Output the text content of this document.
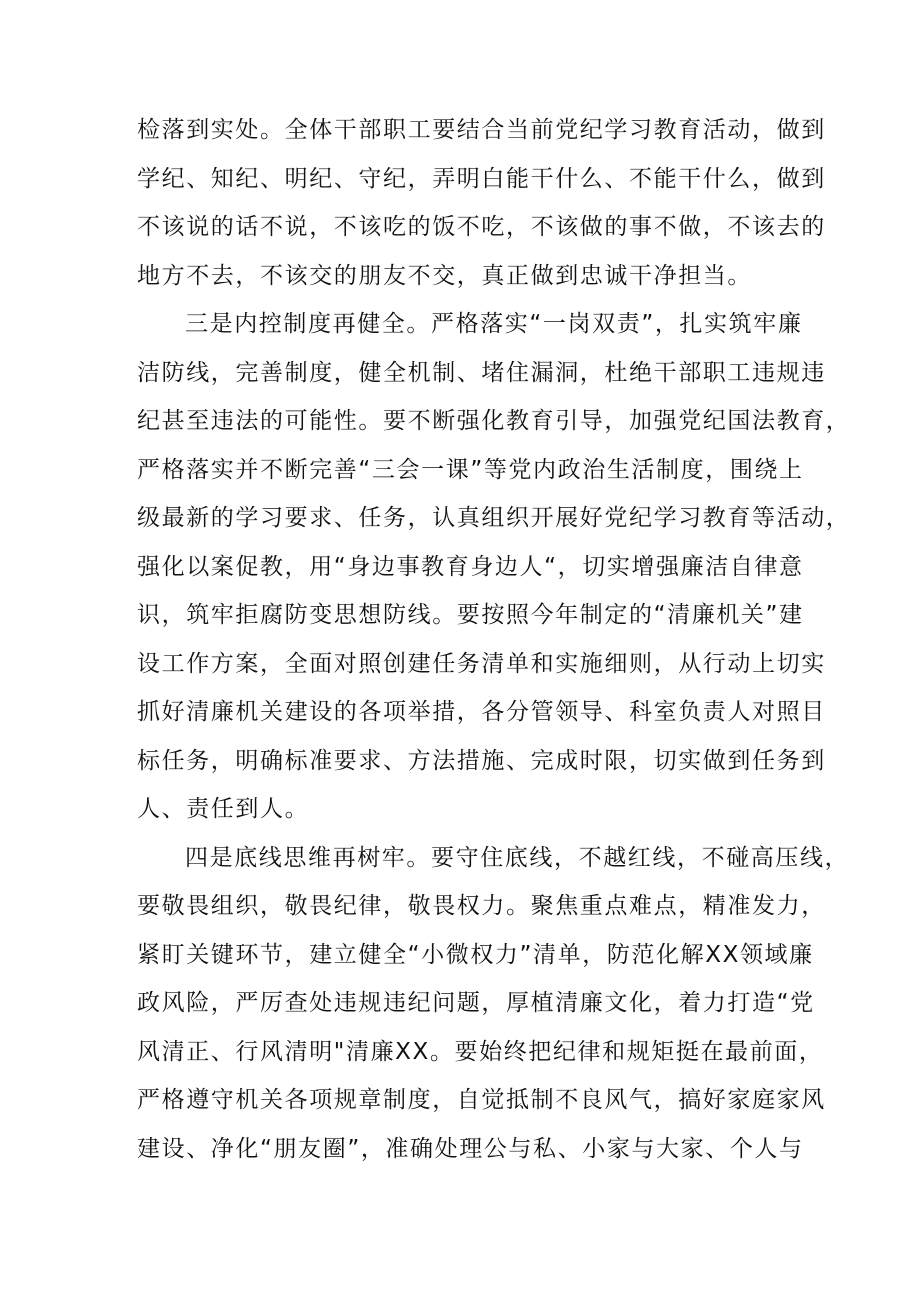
检落到实处。全体干部职工要结合当前党纪学习教育活动，做到
学纪、知纪、明纪、守纪，弄明白能干什么、不能干什么，做到
不该说的话不说，不该吃的饭不吃，不该做的事不做，不该去的
地方不去，不该交的朋友不交，真正做到忠诚干净担当。
三是内控制度再健全。严格落实“一岗双责”，扎实筑牢廉
洁防线，完善制度，健全机制、堵住漏洞，杜绝干部职工违规违
纪甚至违法的可能性。要不断强化教育引导，加强党纪国法教育，
严格落实并不断完善“三会一课”等党内政治生活制度，围绕上
级最新的学习要求、任务，认真组织开展好党纪学习教育等活动，
强化以案促教，用“身边事教育身边人“，切实增强廉洁自律意
识，筑牢拒腐防变思想防线。要按照今年制定的“清廉机关”建
设工作方案，全面对照创建任务清单和实施细则，从行动上切实
抓好清廉机关建设的各项举措，各分管领导、科室负责人对照目
标任务，明确标准要求、方法措施、完成时限，切实做到任务到
人、责任到人。
四是底线思维再树牢。要守住底线，不越红线，不碰高压线，
要敬畏组织，敬畏纪律，敬畏权力。聚焦重点难点，精准发力，
紧盯关键环节，建立健全“小微权力”清单，防范化解XX领域廉
政风险，严厉查处违规违纪问题，厚植清廉文化，着力打造“党
风清正、行风清明"清廉XX。要始终把纪律和规矩挺在最前面，
严格遵守机关各项规章制度，自觉抵制不良风气，搞好家庭家风
建设、净化“朋友圈”，准确处理公与私、小家与大家、个人与
